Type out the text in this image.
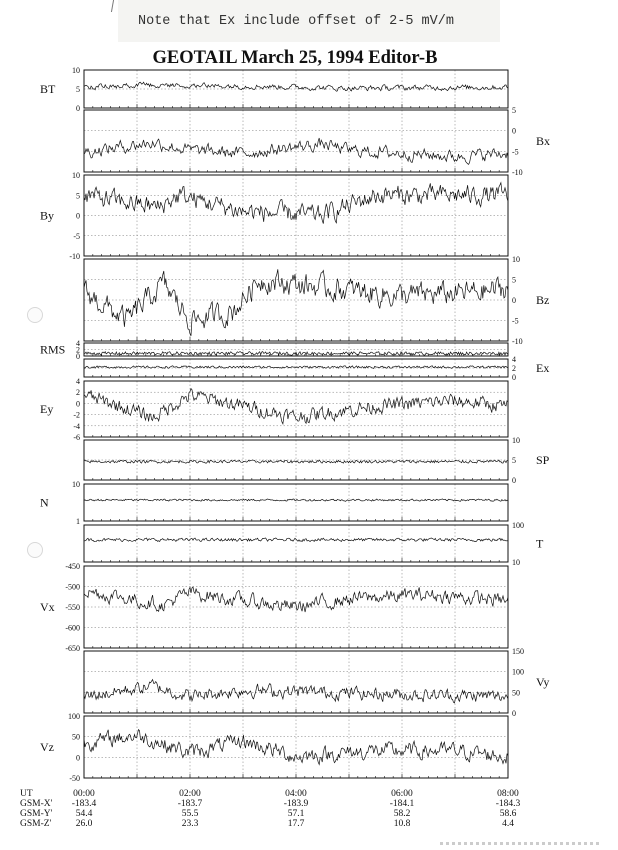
Note that Ex include offset of 2-5 mV/m
GEOTAIL March 25, 1994 Editor-B
10
5
0
BT
5
0
-5
-10
Bx
10
5
0
-5
-10
By
10
5
0
-5
-10
Bz
4
2
0
RMS
4
2
0
Ex
4
2
0
-2
-4
-6
Ey
10
5
0
SP
10
1
N
100
10
T
-450
-500
-550
-600
-650
Vx
150
100
50
0
Vy
100
50
0
-50
Vz
UT
GSM-X'
GSM-Y'
GSM-Z'
00:00
-183.4
54.4
26.0
02:00
-183.7
55.5
23.3
04:00
-183.9
57.1
17.7
06:00
-184.1
58.2
10.8
08:00
-184.3
58.6
4.4
